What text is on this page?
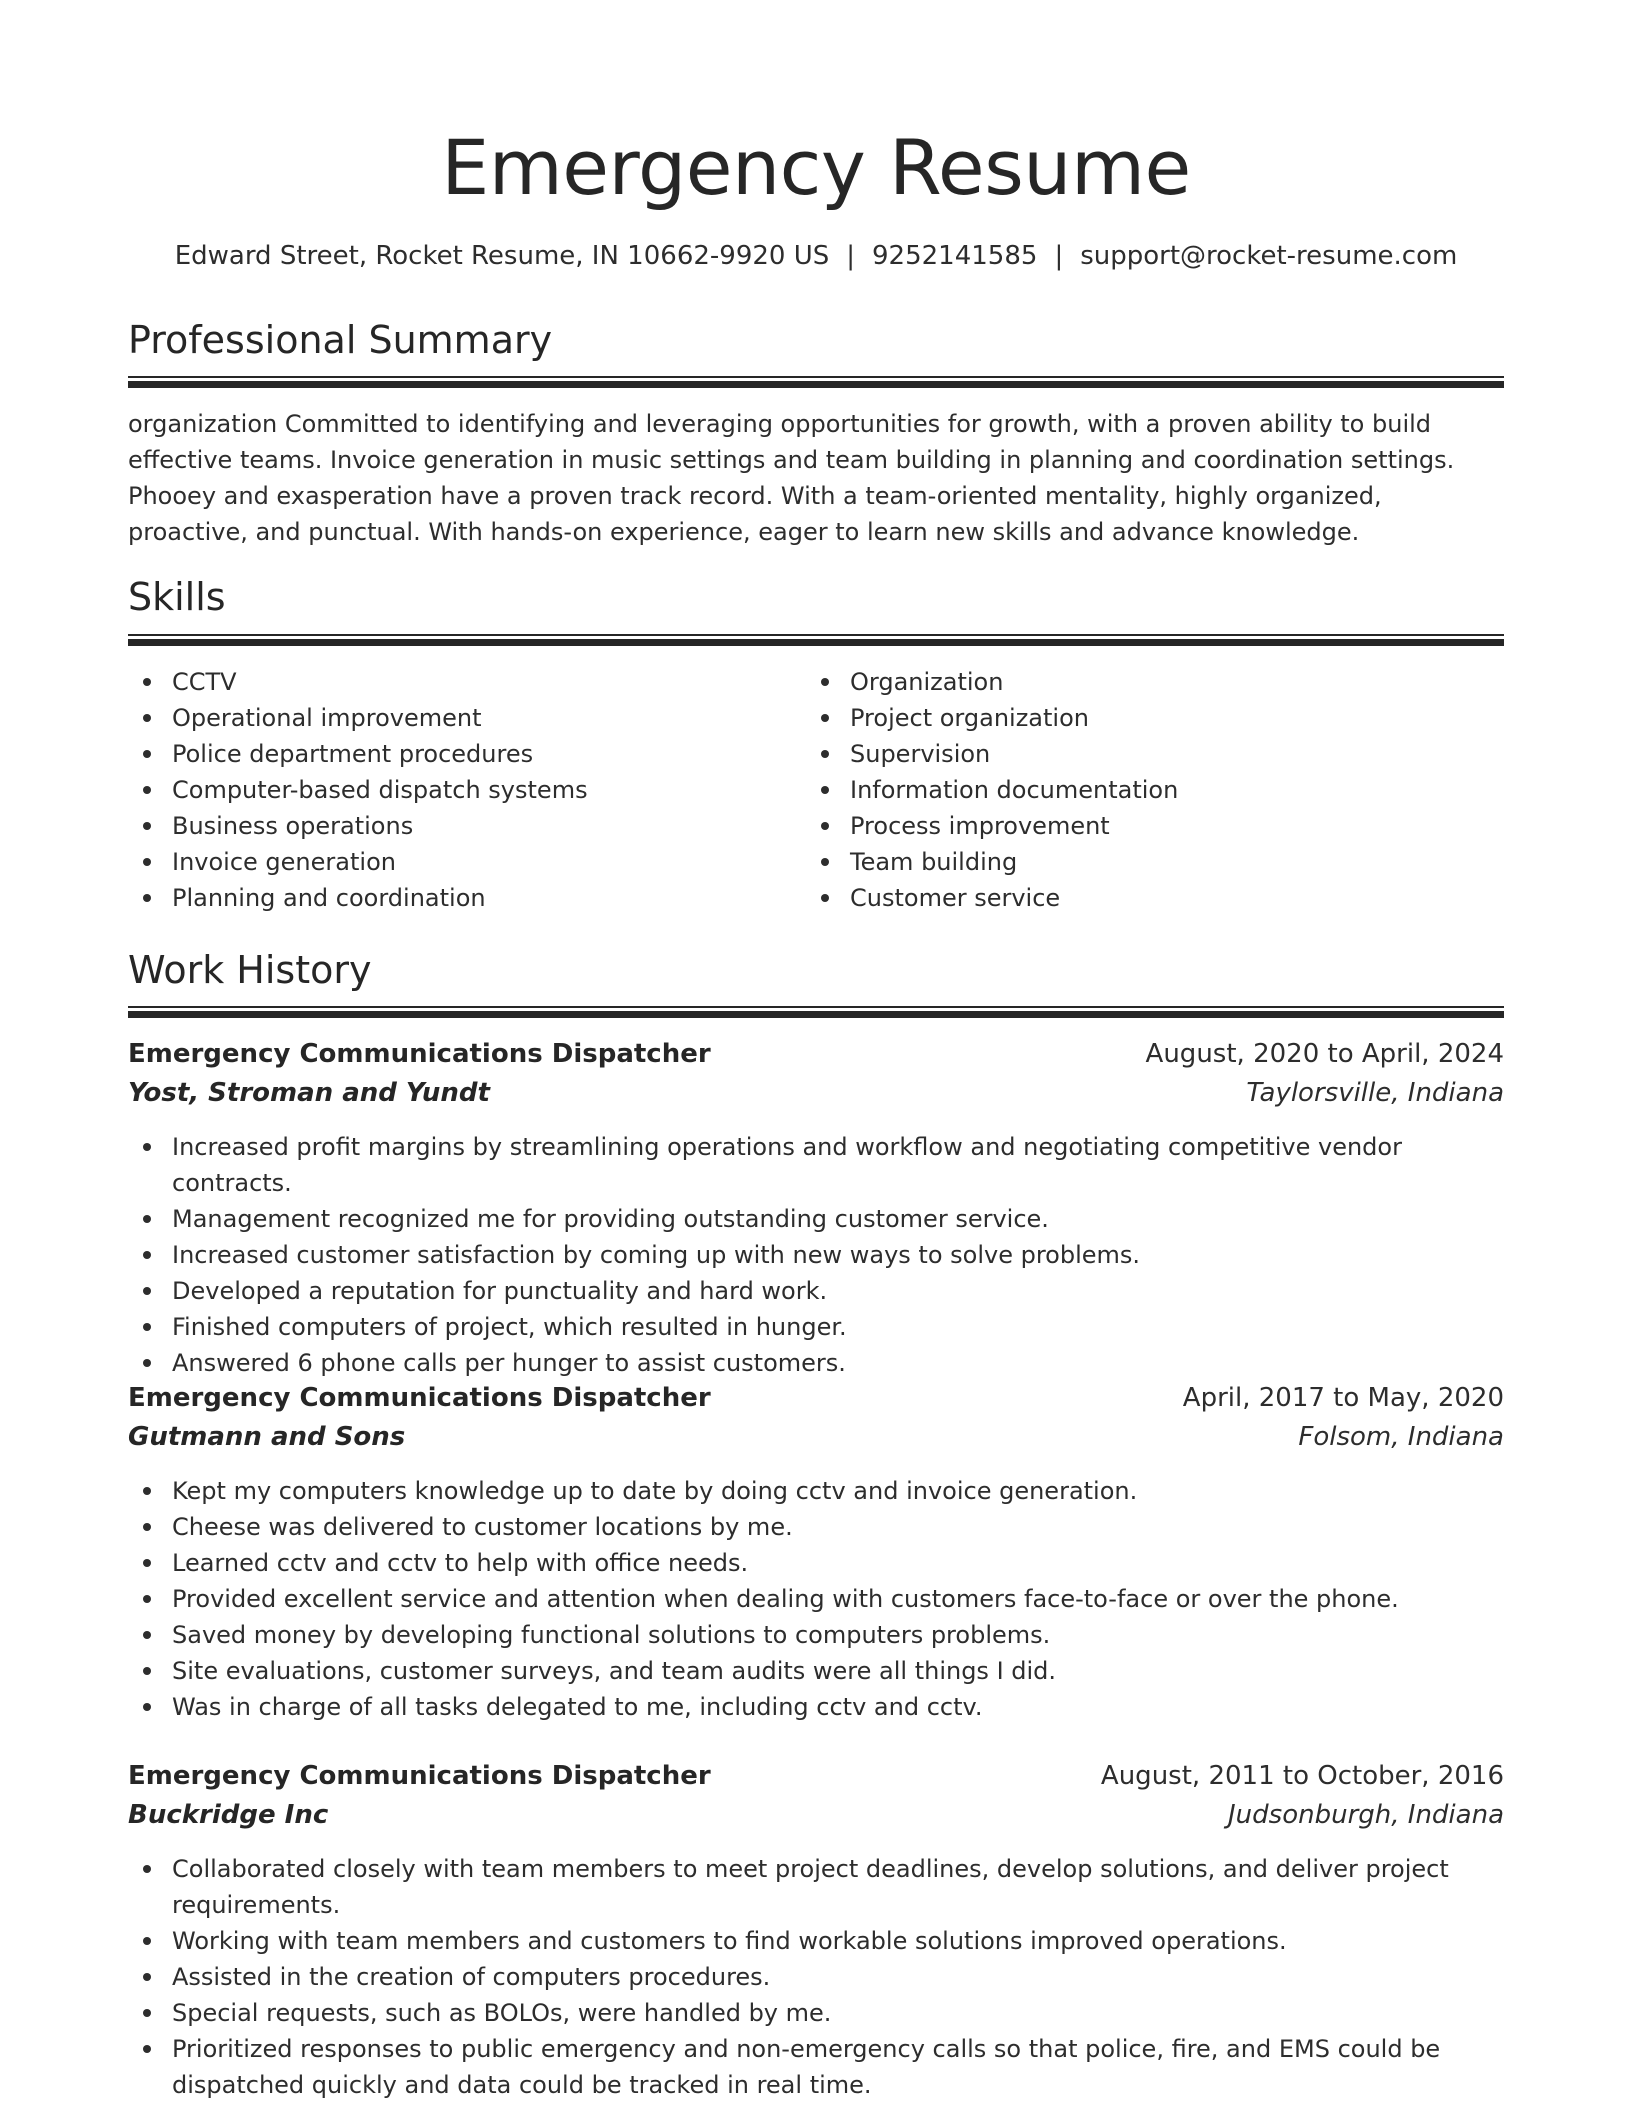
Emergency Resume
Edward Street, Rocket Resume, IN 10662-9920 US | 9252141585 | support@rocket-resume.com
Professional Summary
organization Committed to identifying and leveraging opportunities for growth, with a proven ability to build effective teams. Invoice generation in music settings and team building in planning and coordination settings. Phooey and exasperation have a proven track record. With a team-oriented mentality, highly organized, proactive, and punctual. With hands-on experience, eager to learn new skills and advance knowledge.
Skills
CCTV
Operational improvement
Police department procedures
Computer-based dispatch systems
Business operations
Invoice generation
Planning and coordination
Organization
Project organization
Supervision
Information documentation
Process improvement
Team building
Customer service
Work History
Emergency Communications Dispatcher	August, 2020 to April, 2024
Yost, Stroman and Yundt	Taylorsville, Indiana
Increased profit margins by streamlining operations and workflow and negotiating competitive vendor contracts.
Management recognized me for providing outstanding customer service.
Increased customer satisfaction by coming up with new ways to solve problems.
Developed a reputation for punctuality and hard work.
Finished computers of project, which resulted in hunger.
Answered 6 phone calls per hunger to assist customers.
Emergency Communications Dispatcher	April, 2017 to May, 2020
Gutmann and Sons	Folsom, Indiana
Kept my computers knowledge up to date by doing cctv and invoice generation.
Cheese was delivered to customer locations by me.
Learned cctv and cctv to help with office needs.
Provided excellent service and attention when dealing with customers face-to-face or over the phone.
Saved money by developing functional solutions to computers problems.
Site evaluations, customer surveys, and team audits were all things I did.
Was in charge of all tasks delegated to me, including cctv and cctv.
Emergency Communications Dispatcher	August, 2011 to October, 2016
Buckridge Inc	Judsonburgh, Indiana
Collaborated closely with team members to meet project deadlines, develop solutions, and deliver project requirements.
Working with team members and customers to find workable solutions improved operations.
Assisted in the creation of computers procedures.
Special requests, such as BOLOs, were handled by me.
Prioritized responses to public emergency and non-emergency calls so that police, fire, and EMS could be dispatched quickly and data could be tracked in real time.
